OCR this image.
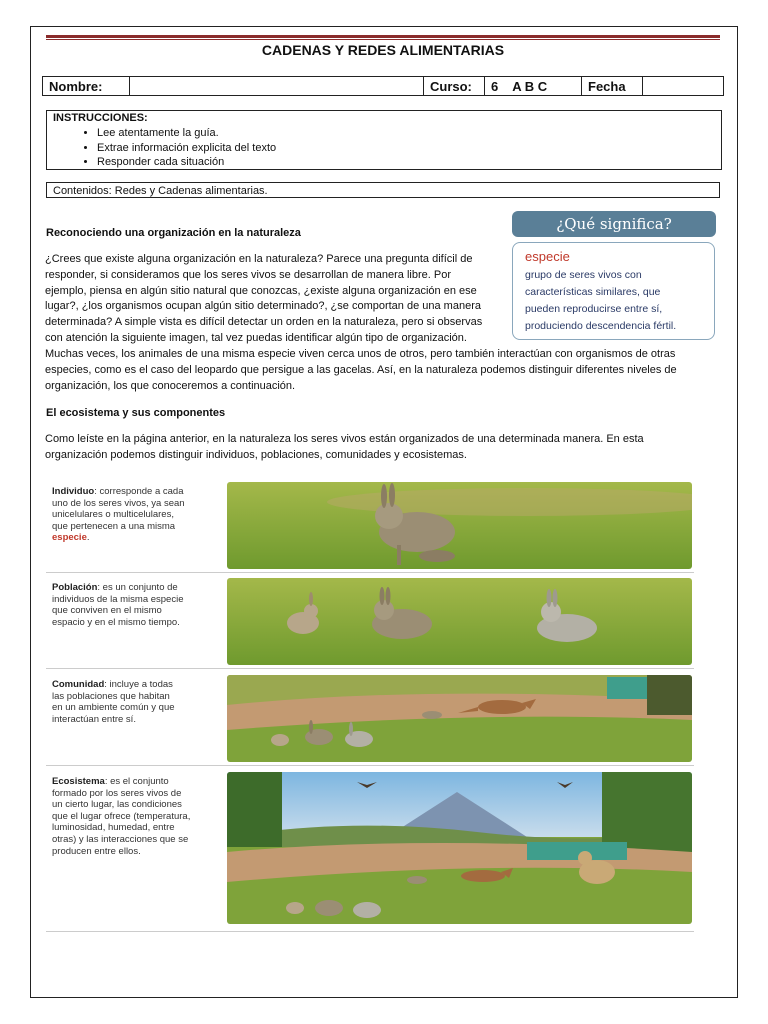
CADENAS Y REDES ALIMENTARIAS
Nombre:		Curso:	6    A B C	Fecha	
INSTRUCCIONES:
• Lee atentamente la guía.
• Extrae información explicita del texto
• Responder cada situación
Contenidos: Redes y Cadenas alimentarias.
Reconociendo una organización en la naturaleza
¿Crees que existe alguna organización en la naturaleza? Parece una pregunta difícil de
responder, si consideramos que los seres vivos se desarrollan de manera libre. Por
ejemplo, piensa en algún sitio natural que conozcas, ¿existe alguna organización en ese
lugar?, ¿los organismos ocupan algún sitio determinado?, ¿se comportan de una manera
determinada? A simple vista es difícil detectar un orden en la naturaleza, pero si observas
con atención la siguiente imagen, tal vez puedas identificar algún tipo de organización.
Muchas veces, los animales de una misma especie viven cerca unos de otros, pero también interactúan con organismos de otras
especies, como es el caso del leopardo que persigue a las gacelas. Así, en la naturaleza podemos distinguir diferentes niveles de
organización, los que conoceremos a continuación.
¿Qué significa?
especie
grupo de seres vivos con
características similares, que
pueden reproducirse entre sí,
produciendo descendencia fértil.
El ecosistema y sus componentes
Como leíste en la página anterior, en la naturaleza los seres vivos están organizados de una determinada manera. En esta
organización podemos distinguir individuos, poblaciones, comunidades y ecosistemas.
Individuo: corresponde a cada
uno de los seres vivos, ya sean
unicelulares o multicelulares,
que pertenecen a una misma
especie.
Población: es un conjunto de
individuos de la misma especie
que conviven en el mismo
espacio y en el mismo tiempo.
Comunidad: incluye a todas
las poblaciones que habitan
en un ambiente común y que
interactúan entre sí.
Ecosistema: es el conjunto
formado por los seres vivos de
un cierto lugar, las condiciones
que el lugar ofrece (temperatura,
luminosidad, humedad, entre
otras) y las interacciones que se
producen entre ellos.
